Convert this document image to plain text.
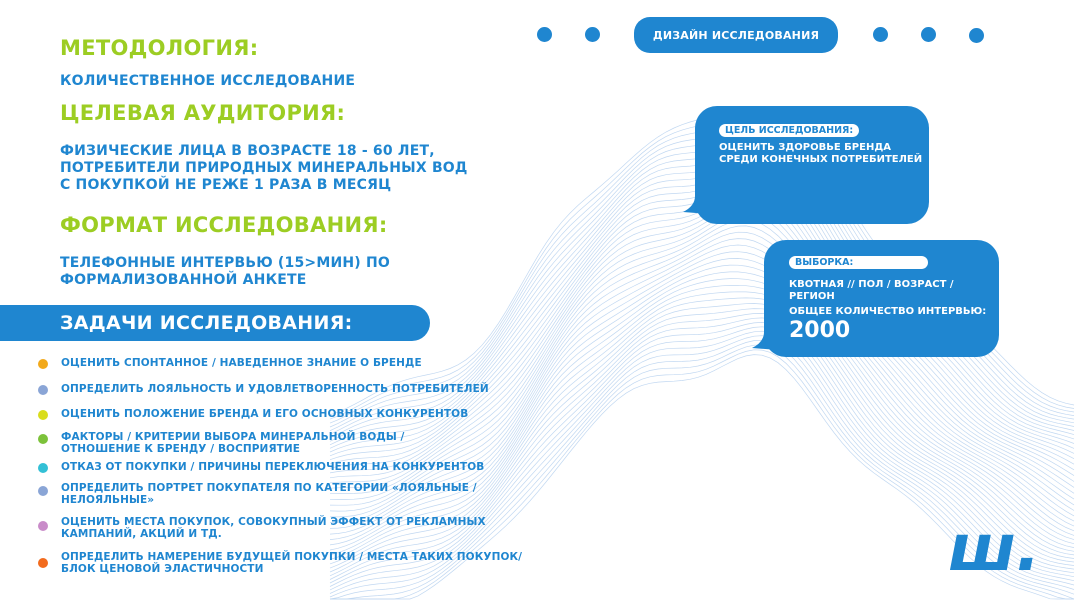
ДИЗАЙН ИССЛЕДОВАНИЯ
МЕТОДОЛОГИЯ:
КОЛИЧЕСТВЕННОЕ ИССЛЕДОВАНИЕ
ЦЕЛЕВАЯ АУДИТОРИЯ:
ФИЗИЧЕСКИЕ ЛИЦА В ВОЗРАСТЕ 18 - 60 ЛЕТ,
ПОТРЕБИТЕЛИ ПРИРОДНЫХ МИНЕРАЛЬНЫХ ВОД
С ПОКУПКОЙ НЕ РЕЖЕ 1 РАЗА В МЕСЯЦ
ФОРМАТ ИССЛЕДОВАНИЯ:
ТЕЛЕФОННЫЕ ИНТЕРВЬЮ (15>МИН) ПО
ФОРМАЛИЗОВАННОЙ АНКЕТЕ
ЗАДАЧИ ИССЛЕДОВАНИЯ:
ОЦЕНИТЬ СПОНТАННОЕ / НАВЕДЕННОЕ ЗНАНИЕ О БРЕНДЕ
ОПРЕДЕЛИТЬ ЛОЯЛЬНОСТЬ И УДОВЛЕТВОРЕННОСТЬ ПОТРЕБИТЕЛЕЙ
ОЦЕНИТЬ ПОЛОЖЕНИЕ БРЕНДА И ЕГО ОСНОВНЫХ КОНКУРЕНТОВ
ФАКТОРЫ / КРИТЕРИИ ВЫБОРА МИНЕРАЛЬНОЙ ВОДЫ /
ОТНОШЕНИЕ К БРЕНДУ / ВОСПРИЯТИЕ
ОТКАЗ ОТ ПОКУПКИ / ПРИЧИНЫ ПЕРЕКЛЮЧЕНИЯ НА КОНКУРЕНТОВ
ОПРЕДЕЛИТЬ ПОРТРЕТ ПОКУПАТЕЛЯ ПО КАТЕГОРИИ «ЛОЯЛЬНЫЕ /
НЕЛОЯЛЬНЫЕ»
ОЦЕНИТЬ МЕСТА ПОКУПОК, СОВОКУПНЫЙ ЭФФЕКТ ОТ РЕКЛАМНЫХ
КАМПАНИЙ, АКЦИЙ И ТД.
ОПРЕДЕЛИТЬ НАМЕРЕНИЕ БУДУЩЕЙ ПОКУПКИ / МЕСТА ТАКИХ ПОКУПОК/
БЛОК ЦЕНОВОЙ ЭЛАСТИЧНОСТИ
ЦЕЛЬ ИССЛЕДОВАНИЯ:
ОЦЕНИТЬ ЗДОРОВЬЕ БРЕНДА
СРЕДИ КОНЕЧНЫХ ПОТРЕБИТЕЛЕЙ
ВЫБОРКА:
КВОТНАЯ // ПОЛ / ВОЗРАСТ /
РЕГИОН
ОБЩЕЕ КОЛИЧЕСТВО ИНТЕРВЬЮ:
2000
ш.
